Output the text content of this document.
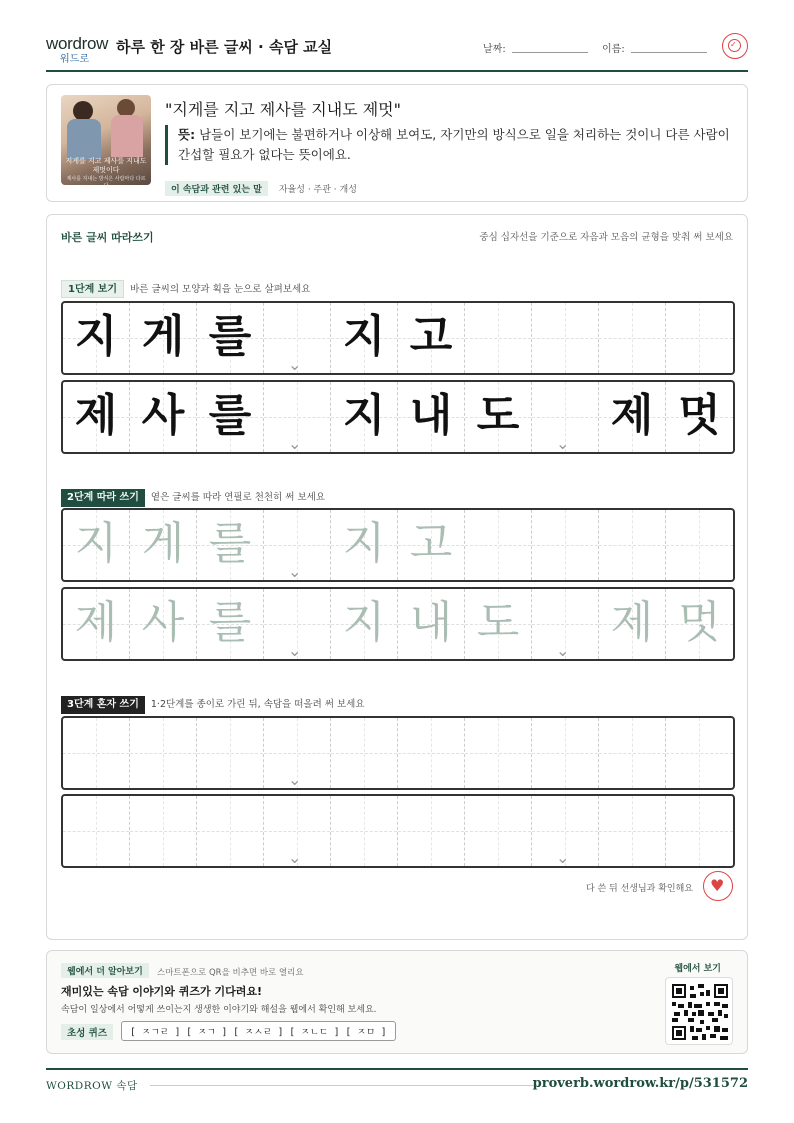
wordrow
워드로
하루 한 장 바른 글씨 · 속담 교실	날짜:	이름:	✓
지게를 지고 제사를 지내도 제멋이다
제사를 지내는 방식은 사람마다 다르다
"지게를 지고 제사를 지내도 제멋"
뜻: 남들이 보기에는 불편하거나 이상해 보여도, 자기만의 방식으로 일을 처리하는 것이니 다른 사람이 간섭할 필요가 없다는 뜻이에요.
이 속담과 관련 있는 말 자율성 · 주관 · 개성
바른 글씨 따라쓰기	중심 십자선을 기준으로 자음과 모음의 균형을 맞춰 써 보세요
1단계 보기 바른 글씨의 모양과 획을 눈으로 살펴보세요
지 게 를
⌄
지 고
제 사 를
⌄
지 내 도
⌄
제 멋
2단계 따라 쓰기 옅은 글씨를 따라 연필로 천천히 써 보세요
지 게 를
⌄
지 고
제 사 를
⌄
지 내 도
⌄
제 멋
3단계 혼자 쓰기 1·2단계를 종이로 가린 뒤, 속담을 떠올려 써 보세요
⌄
⌄	⌄
다 쓴 뒤 선생님과 확인해요 ♥
웹에서 더 알아보기	스마트폰으로 QR을 비추면 바로 열리요
재미있는 속담 이야기와 퀴즈가 기다려요!
속담이 일상에서 어떻게 쓰이는지 생생한 이야기와 해설을 웹에서 확인해 보세요.
초성 퀴즈	[ ㅈㄱㄹ ] [ ㅈㄱ ] [ ㅈㅅㄹ ] [ ㅈㄴㄷ ] [ ㅈㅁ ]
웹에서 보기
WORDROW 속담	proverb.wordrow.kr/p/531572
